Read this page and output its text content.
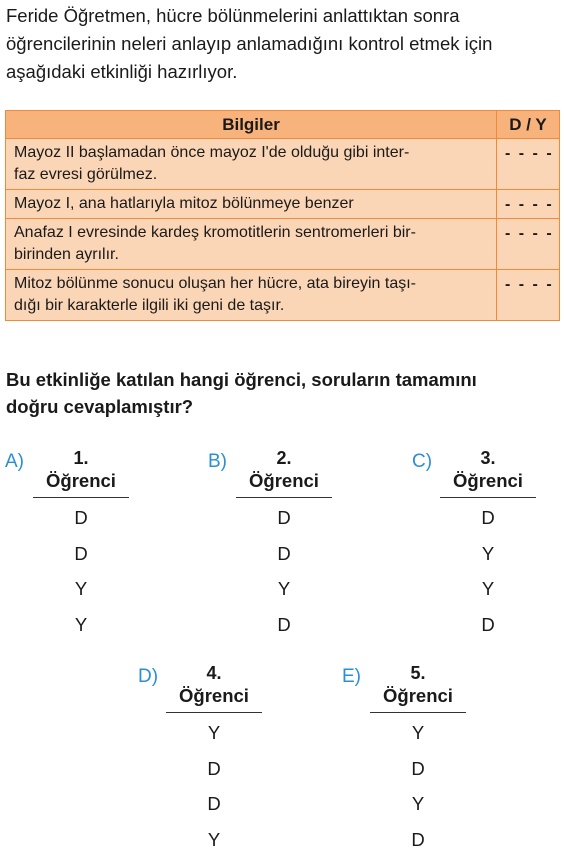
Feride Öğretmen, hücre bölünmelerini anlattıktan sonra
öğrencilerinin neleri anlayıp anlamadığını kontrol etmek için
aşağıdaki etkinliği hazırlıyor.
Bilgiler	D / Y

Mayoz II başlamadan önce mayoz I'de olduğu gibi inter-
faz evresi görülmez.	- - - -

Mayoz I, ana hatlarıyla mitoz bölünmeye benzer	- - - -

Anafaz I evresinde kardeş kromotitlerin sentromerleri bir-
birinden ayrılır.	- - - -

Mitoz bölünme sonucu oluşan her hücre, ata bireyin taşı-
dığı bir karakterle ilgili iki geni de taşır.	- - - -
Bu etkinliğe katılan hangi öğrenci, soruların tamamını
doğru cevaplamıştır?
A)	1.
Öğrenci
D
D
Y
Y
B)	2.
Öğrenci
D
D
Y
D
C)	3.
Öğrenci
D
Y
Y
D
D)	4.
Öğrenci
Y
D
D
Y
E)	5.
Öğrenci
Y
D
Y
D
